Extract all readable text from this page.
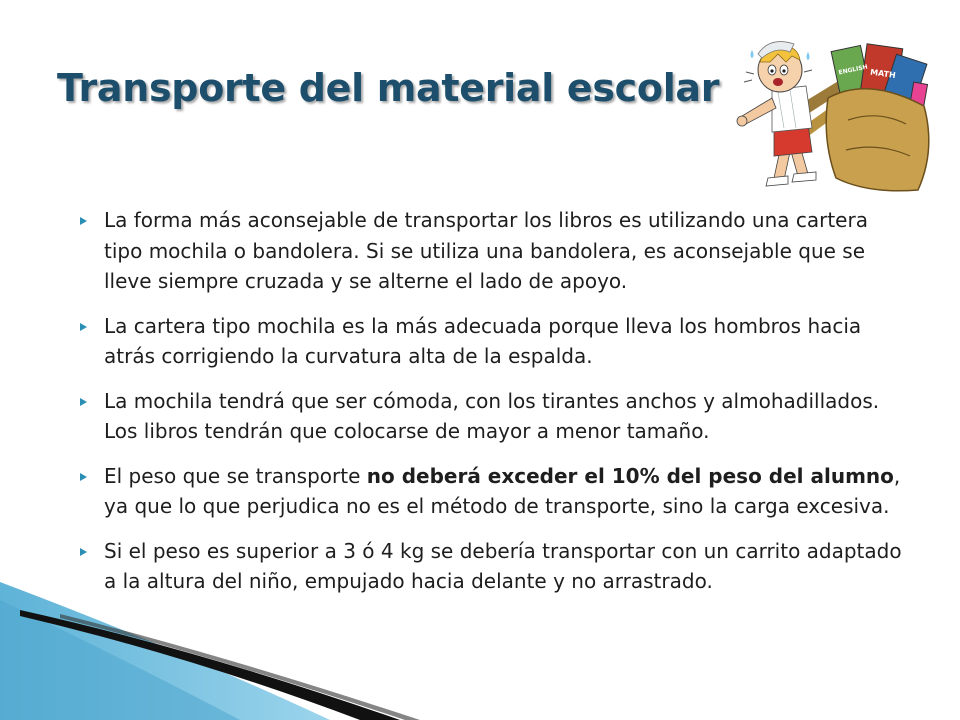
Transporte del material escolar	MATH
ENGLISH
La forma más aconsejable de transportar los libros es utilizando una cartera tipo mochila o bandolera. Si se utiliza una bandolera, es aconsejable que se lleve siempre cruzada y se alterne el lado de apoyo.
La cartera tipo mochila es la más adecuada porque lleva los hombros hacia atrás corrigiendo la curvatura alta de la espalda.
La mochila tendrá que ser cómoda, con los tirantes anchos y almohadillados. Los libros tendrán que colocarse de mayor a menor tamaño.
El peso que se transporte no deberá exceder el 10% del peso del alumno, ya que lo que perjudica no es el método de transporte, sino la carga excesiva.
Si el peso es superior a 3 ó 4 kg se debería transportar con un carrito adaptado a la altura del niño, empujado hacia delante y no arrastrado.
